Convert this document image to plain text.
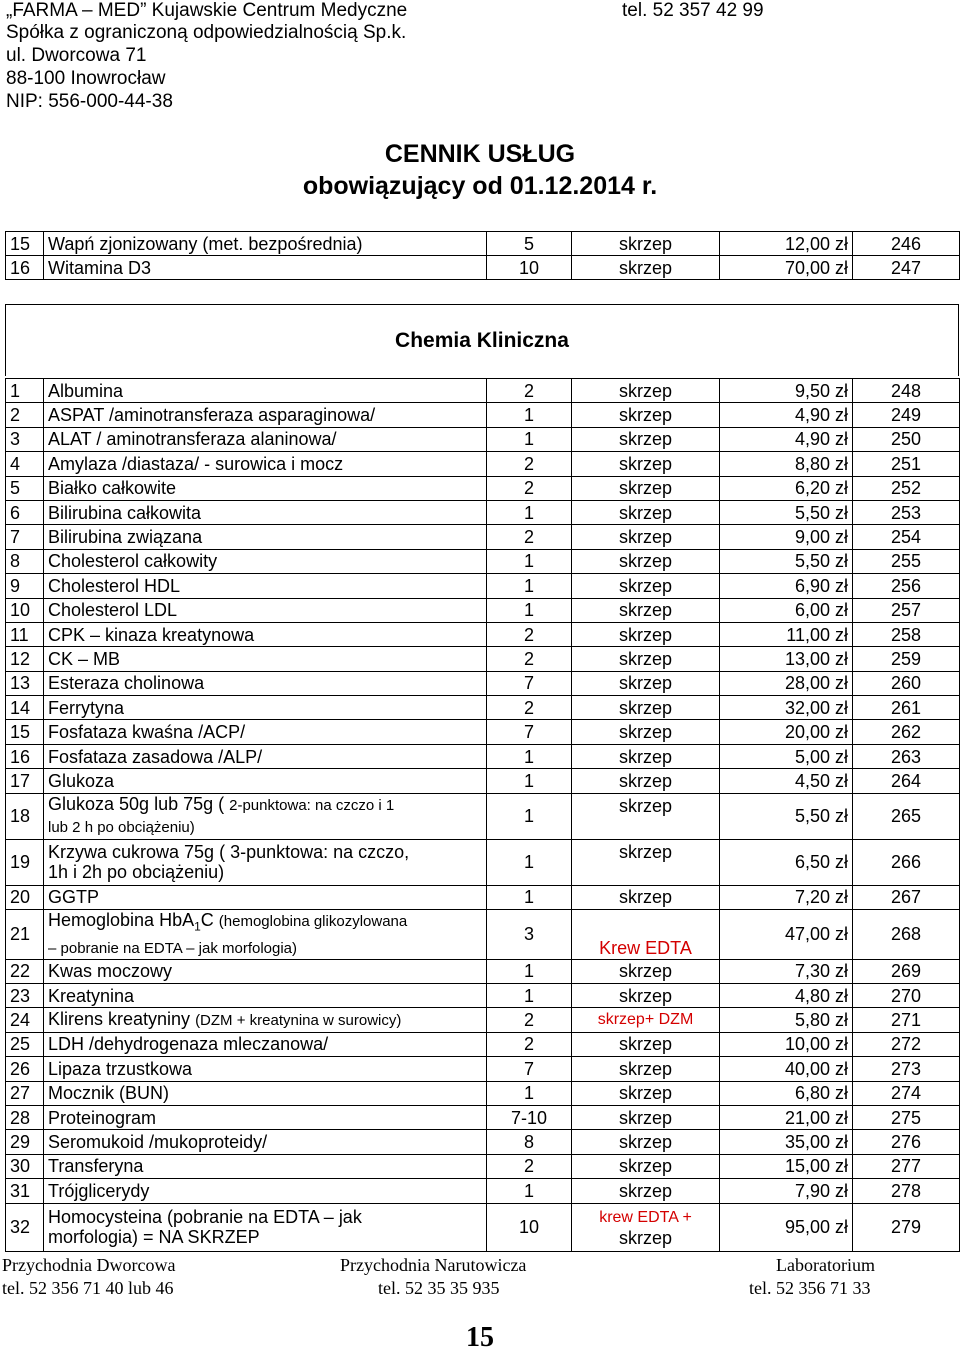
„FARMA – MED” Kujawskie Centrum Medyczne	tel. 52 357 42 99
Spółka z ograniczoną odpowiedzialnością Sp.k.
ul. Dworcowa 71
88-100 Inowrocław
NIP: 556-000-44-38
CENNIK USŁUG
obowiązujący od 01.12.2014 r.
15	Wapń zjonizowany (met. bezpośrednia)	5	skrzep	12,00 zł	246
16	Witamina D3	10	skrzep	70,00 zł	247
Chemia Kliniczna
1	Albumina	2	skrzep	9,50 zł	248
2	ASPAT /aminotransferaza asparaginowa/	1	skrzep	4,90 zł	249
3	ALAT / aminotransferaza alaninowa/	1	skrzep	4,90 zł	250
4	Amylaza /diastaza/ - surowica i mocz	2	skrzep	8,80 zł	251
5	Białko całkowite	2	skrzep	6,20 zł	252
6	Bilirubina całkowita	1	skrzep	5,50 zł	253
7	Bilirubina związana	2	skrzep	9,00 zł	254
8	Cholesterol całkowity	1	skrzep	5,50 zł	255
9	Cholesterol HDL	1	skrzep	6,90 zł	256
10	Cholesterol LDL	1	skrzep	6,00 zł	257
11	CPK – kinaza kreatynowa	2	skrzep	11,00 zł	258
12	CK – MB	2	skrzep	13,00 zł	259
13	Esteraza cholinowa	7	skrzep	28,00 zł	260
14	Ferrytyna	2	skrzep	32,00 zł	261
15	Fosfataza kwaśna /ACP/	7	skrzep	20,00 zł	262
16	Fosfataza zasadowa /ALP/	1	skrzep	5,00 zł	263
17	Glukoza	1	skrzep	4,50 zł	264
18	Glukoza 50g lub 75g ( 2-punktowa: na czczo i 1
lub 2 h po obciążeniu)	1	skrzep	5,50 zł	265
19	Krzywa cukrowa 75g ( 3-punktowa: na czczo,
1h i 2h po obciążeniu)	1	skrzep	6,50 zł	266
20	GGTP	1	skrzep	7,20 zł	267
21	Hemoglobina HbA$_1$C (hemoglobina glikozylowana
– pobranie na EDTA – jak morfologia)	3	Krew EDTA	47,00 zł	268
22	Kwas moczowy	1	skrzep	7,30 zł	269
23	Kreatynina	1	skrzep	4,80 zł	270
24	Klirens kreatyniny (DZM + kreatynina w surowicy)	2	skrzep+ DZM	5,80 zł	271
25	LDH /dehydrogenaza mleczanowa/	2	skrzep	10,00 zł	272
26	Lipaza trzustkowa	7	skrzep	40,00 zł	273
27	Mocznik (BUN)	1	skrzep	6,80 zł	274
28	Proteinogram	7-10	skrzep	21,00 zł	275
29	Seromukoid /mukoproteidy/	8	skrzep	35,00 zł	276
30	Transferyna	2	skrzep	15,00 zł	277
31	Trójglicerydy	1	skrzep	7,90 zł	278
32	Homocysteina (pobranie na EDTA – jak
morfologia) = NA SKRZEP	10	krew EDTA +
skrzep	95,00 zł	279
Przychodnia Dworcowa
tel. 52 356 71 40 lub 46
Przychodnia Narutowicza
tel. 52 35 35 935
Laboratorium
tel. 52 356 71 33
15
